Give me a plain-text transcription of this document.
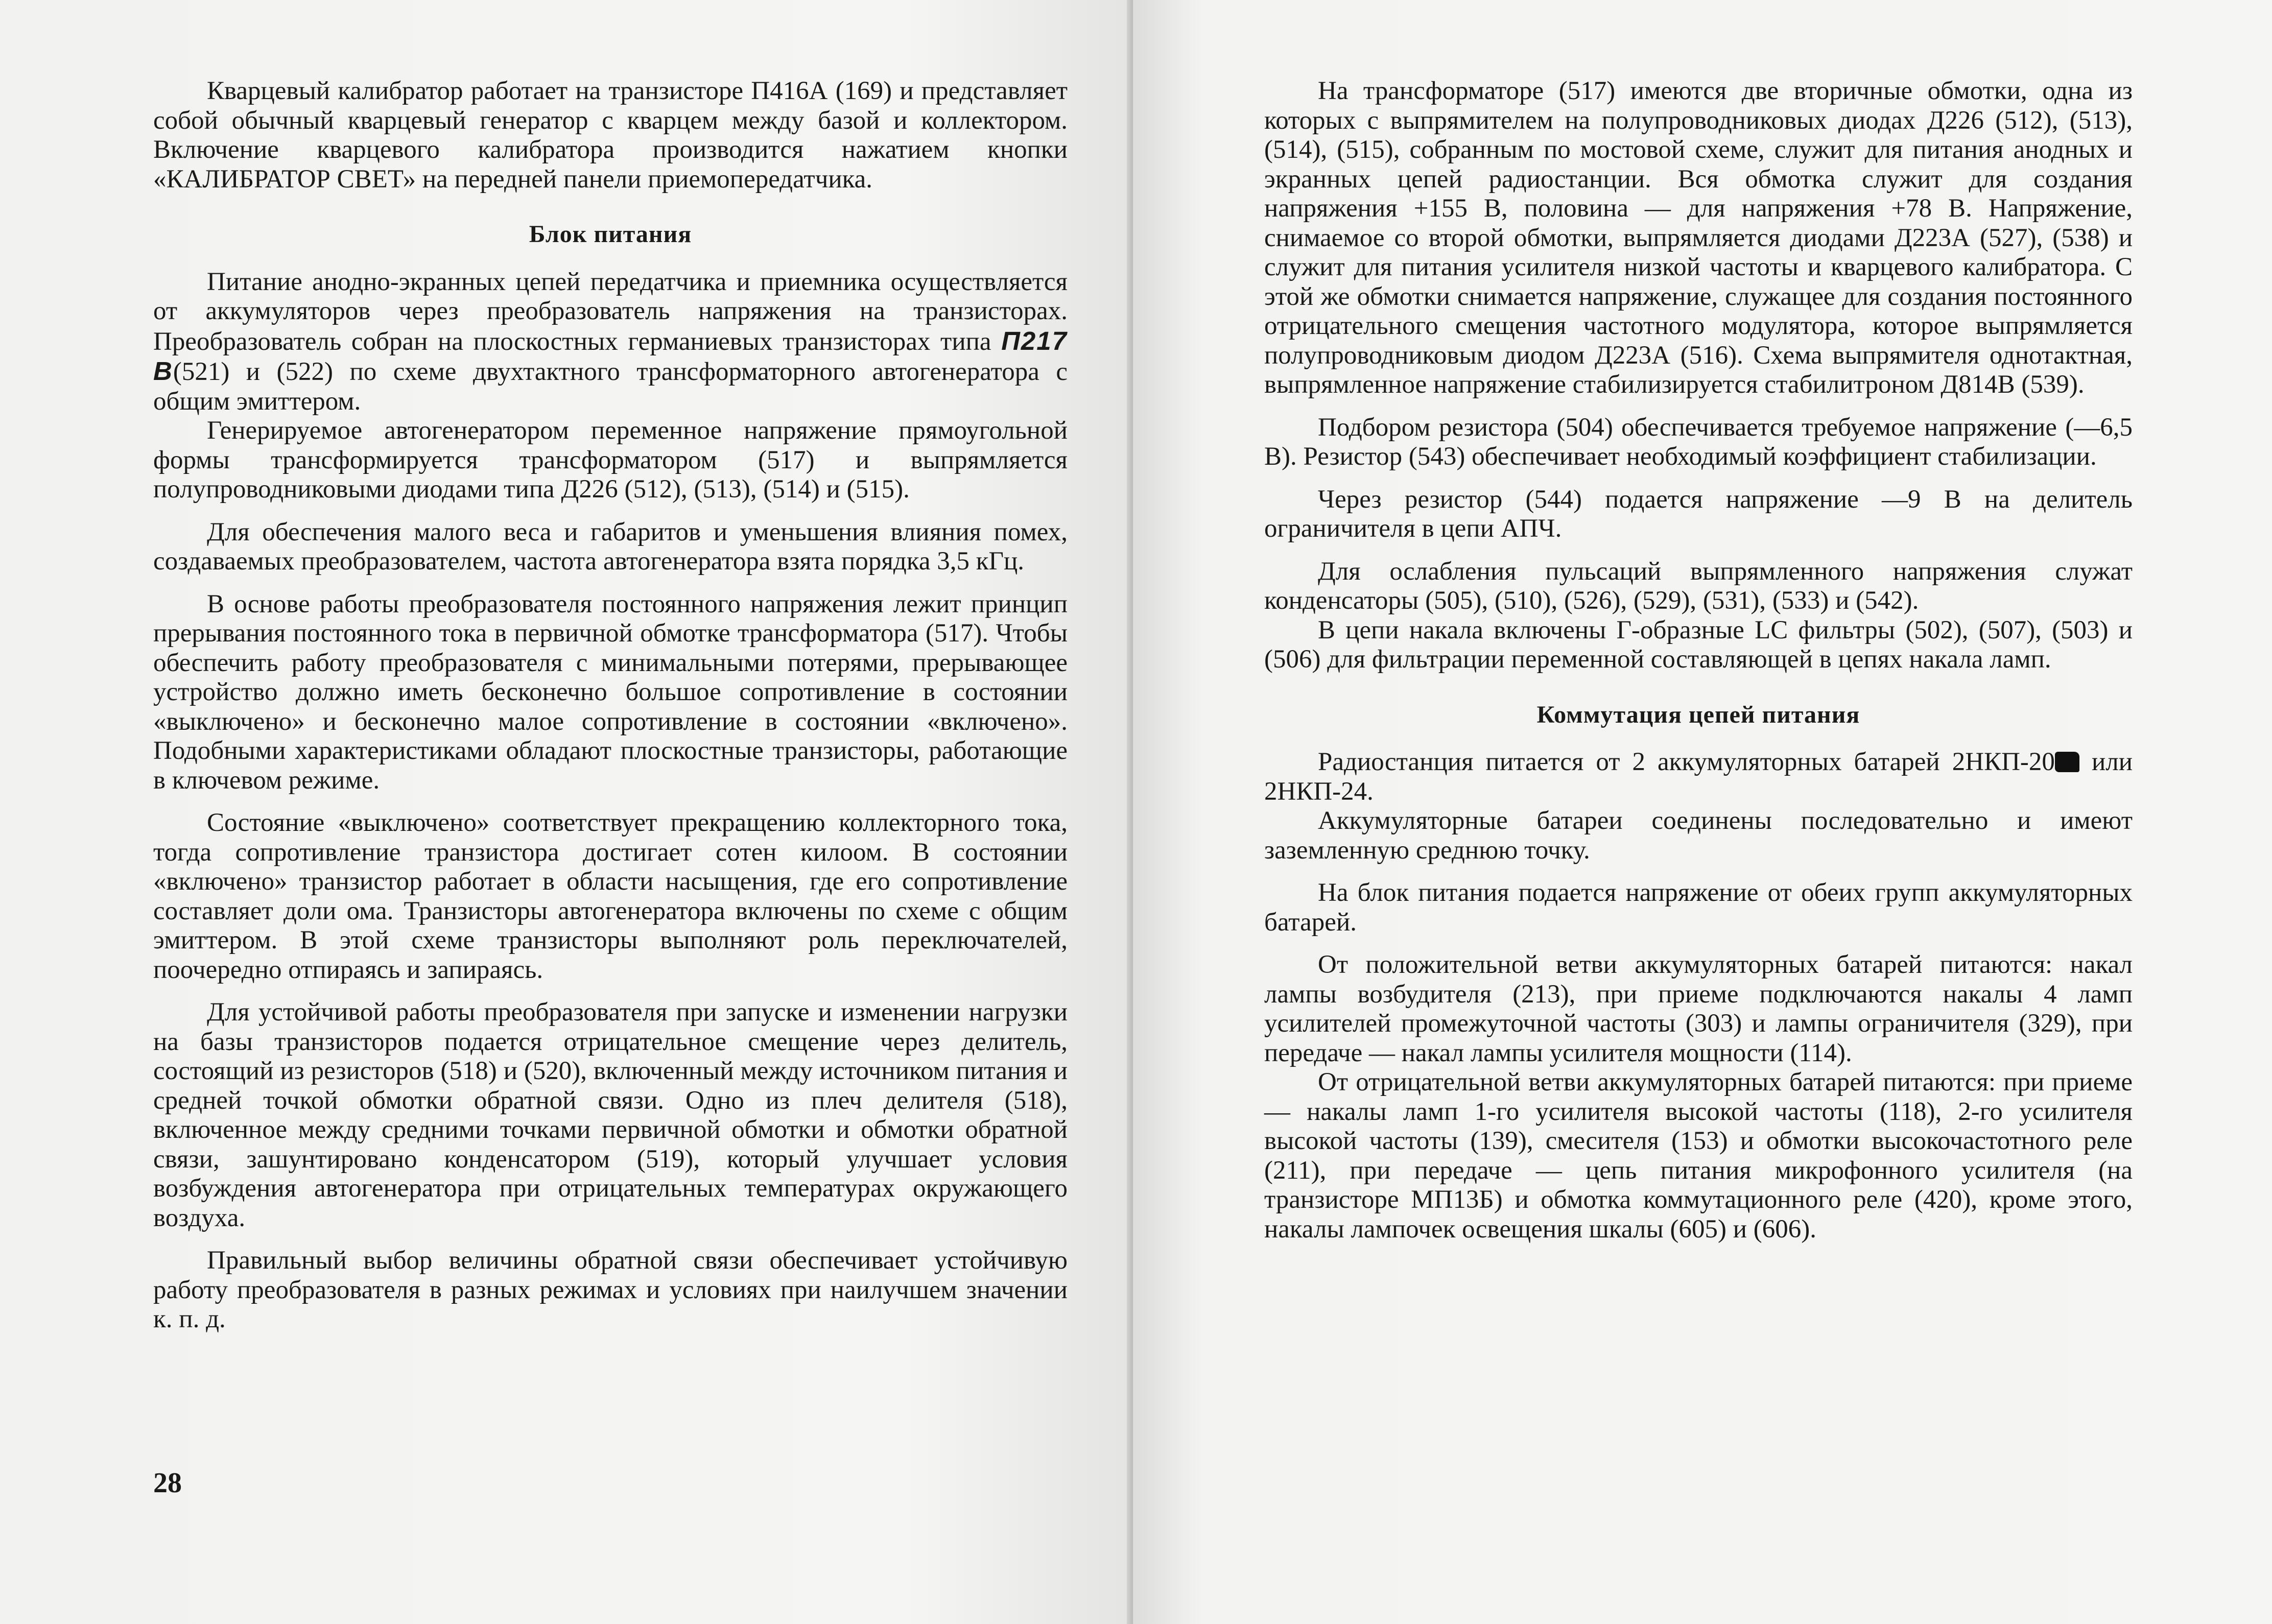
Кварцевый калибратор работает на транзисторе П416А (169) и представляет собой обычный кварцевый генератор с кварцем между базой и коллектором. Включение кварцевого калибратора производится нажатием кнопки «КАЛИБРАТОР СВЕТ» на передней панели приемопередатчика.

Блок питания

Питание анодно-экранных цепей передатчика и приемника осуществляется от аккумуляторов через преобразователь напряжения на транзисторах. Преобразователь собран на плоскостных германиевых транзисторах типа П217 В(521) и (522) по схеме двухтактного трансформаторного автогенератора с общим эмиттером.

Генерируемое автогенератором переменное напряжение прямоугольной формы трансформируется трансформатором (517) и выпрямляется полупроводниковыми диодами типа Д226 (512), (513), (514) и (515).

Для обеспечения малого веса и габаритов и уменьшения влияния помех, создаваемых преобразователем, частота автогенератора взята порядка 3,5 кГц.

В основе работы преобразователя постоянного напряжения лежит принцип прерывания постоянного тока в первичной обмотке трансформатора (517). Чтобы обеспечить работу преобразователя с минимальными потерями, прерывающее устройство должно иметь бесконечно большое сопротивление в состоянии «выключено» и бесконечно малое сопротивление в состоянии «включено». Подобными характеристиками обладают плоскостные транзисторы, работающие в ключевом режиме.

Состояние «выключено» соответствует прекращению коллекторного тока, тогда сопротивление транзистора достигает сотен килоом. В состоянии «включено» транзистор работает в области насыщения, где его сопротивление составляет доли ома. Транзисторы автогенератора включены по схеме с общим эмиттером. В этой схеме транзисторы выполняют роль переключателей, поочередно отпираясь и запираясь.

Для устойчивой работы преобразователя при запуске и изменении нагрузки на базы транзисторов подается отрицательное смещение через делитель, состоящий из резисторов (518) и (520), включенный между источником питания и средней точкой обмотки обратной связи. Одно из плеч делителя (518), включенное между средними точками первичной обмотки и обмотки обратной связи, зашунтировано конденсатором (519), который улучшает условия возбуждения автогенератора при отрицательных температурах окружающего воздуха.

Правильный выбор величины обратной связи обеспечивает устойчивую работу преобразователя в разных режимах и условиях при наилучшем значении к. п. д.

28

На трансформаторе (517) имеются две вторичные обмотки, одна из которых с выпрямителем на полупроводниковых диодах Д226 (512), (513), (514), (515), собранным по мостовой схеме, служит для питания анодных и экранных цепей радиостанции. Вся обмотка служит для создания напряжения +155 В, половина — для напряжения +78 В. Напряжение, снимаемое со второй обмотки, выпрямляется диодами Д223А (527), (538) и служит для питания усилителя низкой частоты и кварцевого калибратора. С этой же обмотки снимается напряжение, служащее для создания постоянного отрицательного смещения частотного модулятора, которое выпрямляется полупроводниковым диодом Д223А (516). Схема выпрямителя однотактная, выпрямленное напряжение стабилизируется стабилитроном Д814В (539).

Подбором резистора (504) обеспечивается требуемое напряжение (—6,5 В). Резистор (543) обеспечивает необходимый коэффициент стабилизации.

Через резистор (544) подается напряжение —9 В на делитель ограничителя в цепи АПЧ.

Для ослабления пульсаций выпрямленного напряжения служат конденсаторы (505), (510), (526), (529), (531), (533) и (542).

В цепи накала включены Г-образные LC фильтры (502), (507), (503) и (506) для фильтрации переменной составляющей в цепях накала ламп.

Коммутация цепей питания

Радиостанция питается от 2 аккумуляторных батарей 2НКП-20 или 2НКП-24.

Аккумуляторные батареи соединены последовательно и имеют заземленную среднюю точку.

На блок питания подается напряжение от обеих групп аккумуляторных батарей.

От положительной ветви аккумуляторных батарей питаются: накал лампы возбудителя (213), при приеме подключаются накалы 4 ламп усилителей промежуточной частоты (303) и лампы ограничителя (329), при передаче — накал лампы усилителя мощности (114).

От отрицательной ветви аккумуляторных батарей питаются: при приеме — накалы ламп 1-го усилителя высокой частоты (118), 2-го усилителя высокой частоты (139), смесителя (153) и обмотки высокочастотного реле (211), при передаче — цепь питания микрофонного усилителя (на транзисторе МП13Б) и обмотка коммутационного реле (420), кроме этого, накалы лампочек освещения шкалы (605) и (606).
